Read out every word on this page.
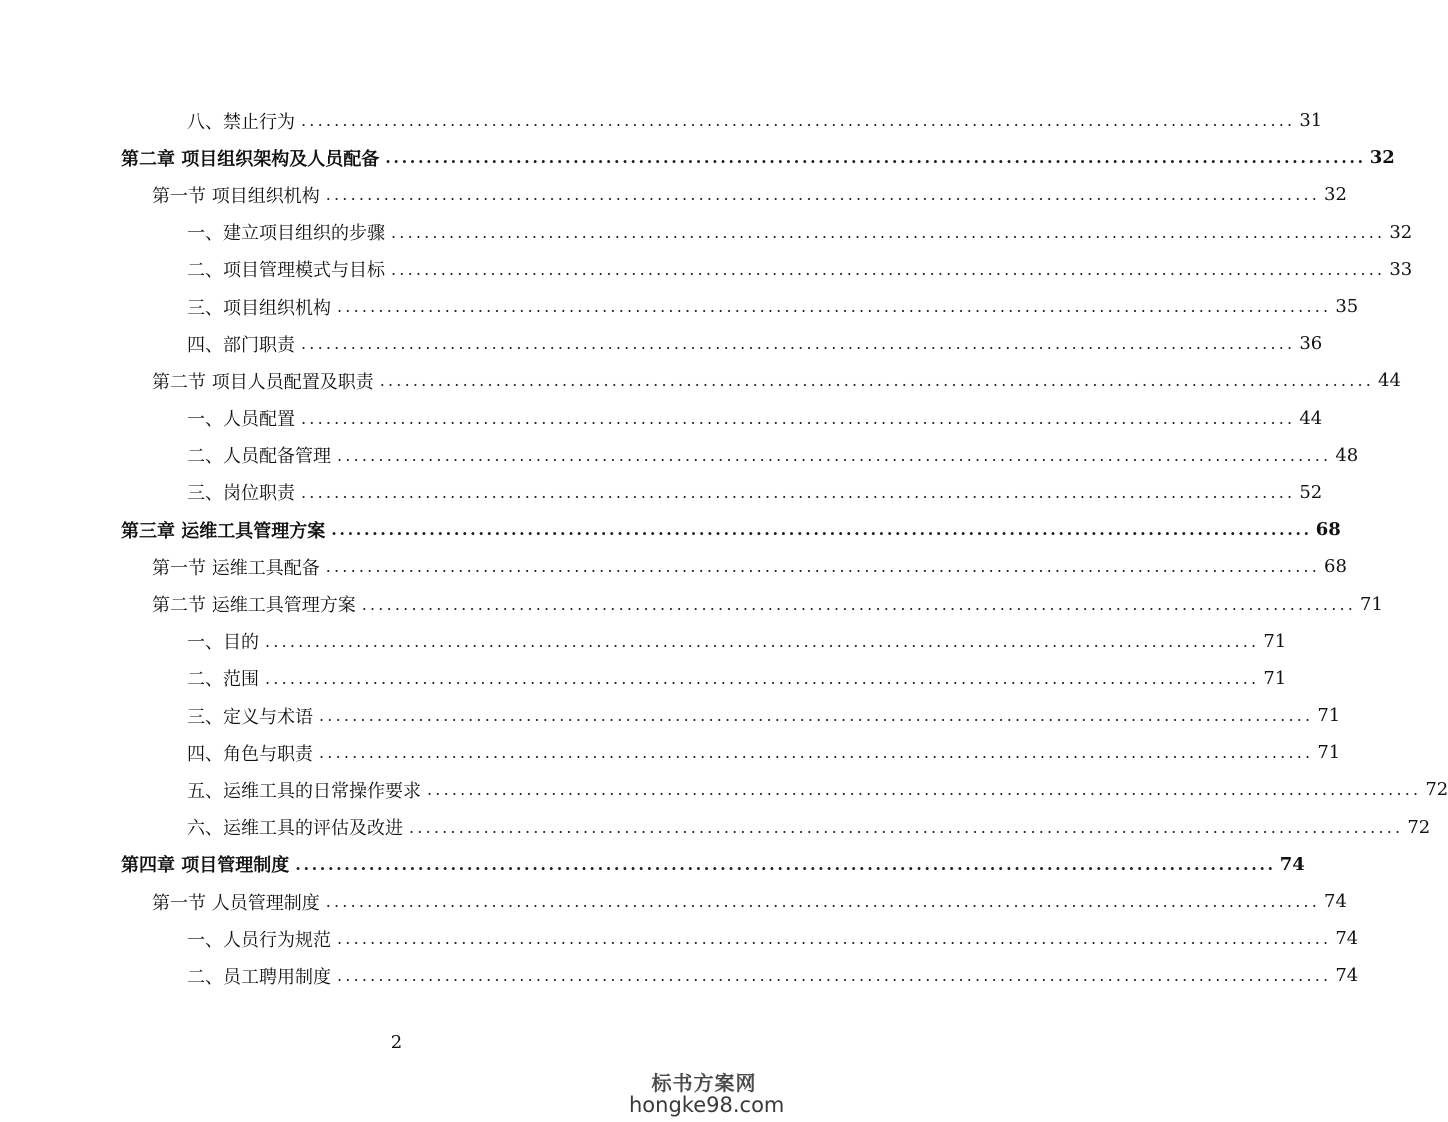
八、禁止行为 ........................................................................................................................ 31
第二章 项目组织架构及人员配备 ........................................................................................................................ 32
第一节 项目组织机构 ........................................................................................................................ 32
一、建立项目组织的步骤 ........................................................................................................................ 32
二、项目管理模式与目标 ........................................................................................................................ 33
三、项目组织机构 ........................................................................................................................ 35
四、部门职责 ........................................................................................................................ 36
第二节 项目人员配置及职责 ........................................................................................................................ 44
一、人员配置 ........................................................................................................................ 44
二、人员配备管理 ........................................................................................................................ 48
三、岗位职责 ........................................................................................................................ 52
第三章 运维工具管理方案 ........................................................................................................................ 68
第一节 运维工具配备 ........................................................................................................................ 68
第二节 运维工具管理方案 ........................................................................................................................ 71
一、目的 ........................................................................................................................ 71
二、范围 ........................................................................................................................ 71
三、定义与术语 ........................................................................................................................ 71
四、角色与职责 ........................................................................................................................ 71
五、运维工具的日常操作要求 ........................................................................................................................ 72
六、运维工具的评估及改进 ........................................................................................................................ 72
第四章 项目管理制度 ........................................................................................................................ 74
第一节 人员管理制度 ........................................................................................................................ 74
一、人员行为规范 ........................................................................................................................ 74
二、员工聘用制度 ........................................................................................................................ 74
2
标书方案网
hongke98.com
